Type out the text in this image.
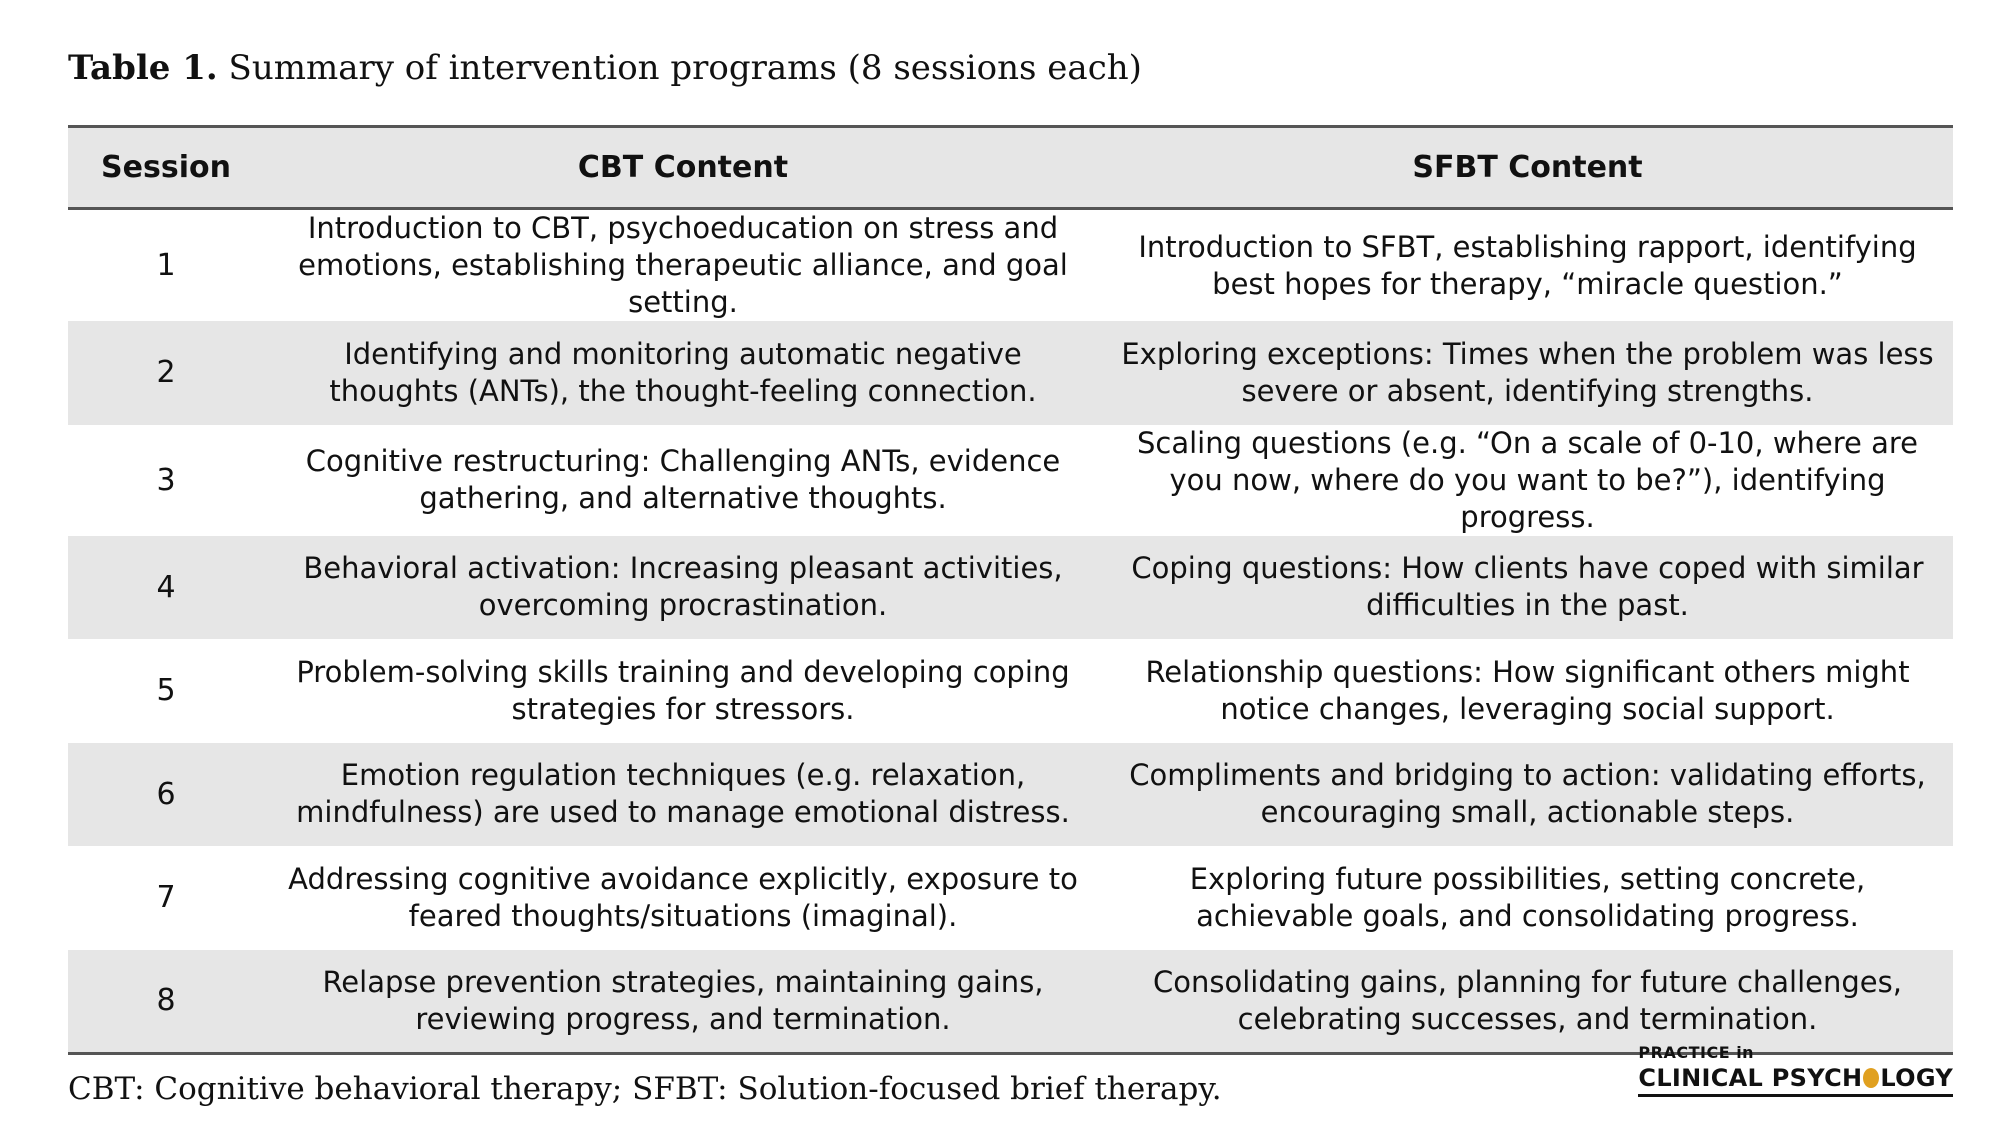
Table 1. Summary of intervention programs (8 sessions each)
Session	CBT Content	SFBT Content
1	Introduction to CBT, psychoeducation on stress and emotions, establishing therapeutic alliance, and goal setting.	Introduction to SFBT, establishing rapport, identifying best hopes for therapy, “miracle question.”
2	Identifying and monitoring automatic negative thoughts (ANTs), the thought-feeling connection.	Exploring exceptions: Times when the problem was less severe or absent, identifying strengths.
3	Cognitive restructuring: Challenging ANTs, evidence gathering, and alternative thoughts.	Scaling questions (e.g. “On a scale of 0-10, where are you now, where do you want to be?”), identifying progress.
4	Behavioral activation: Increasing pleasant activities, overcoming procrastination.	Coping questions: How clients have coped with similar difficulties in the past.
5	Problem-solving skills training and developing coping strategies for stressors.	Relationship questions: How significant others might notice changes, leveraging social support.
6	Emotion regulation techniques (e.g. relaxation, mindfulness) are used to manage emotional distress.	Compliments and bridging to action: validating efforts, encouraging small, actionable steps.
7	Addressing cognitive avoidance explicitly, exposure to feared thoughts/situations (imaginal).	Exploring future possibilities, setting concrete, achievable goals, and consolidating progress.
8	Relapse prevention strategies, maintaining gains, reviewing progress, and termination.	Consolidating gains, planning for future challenges, celebrating successes, and termination.
CBT: Cognitive behavioral therapy; SFBT: Solution-focused brief therapy.
PRACTICE in
CLINICAL PSYCH LOGY
